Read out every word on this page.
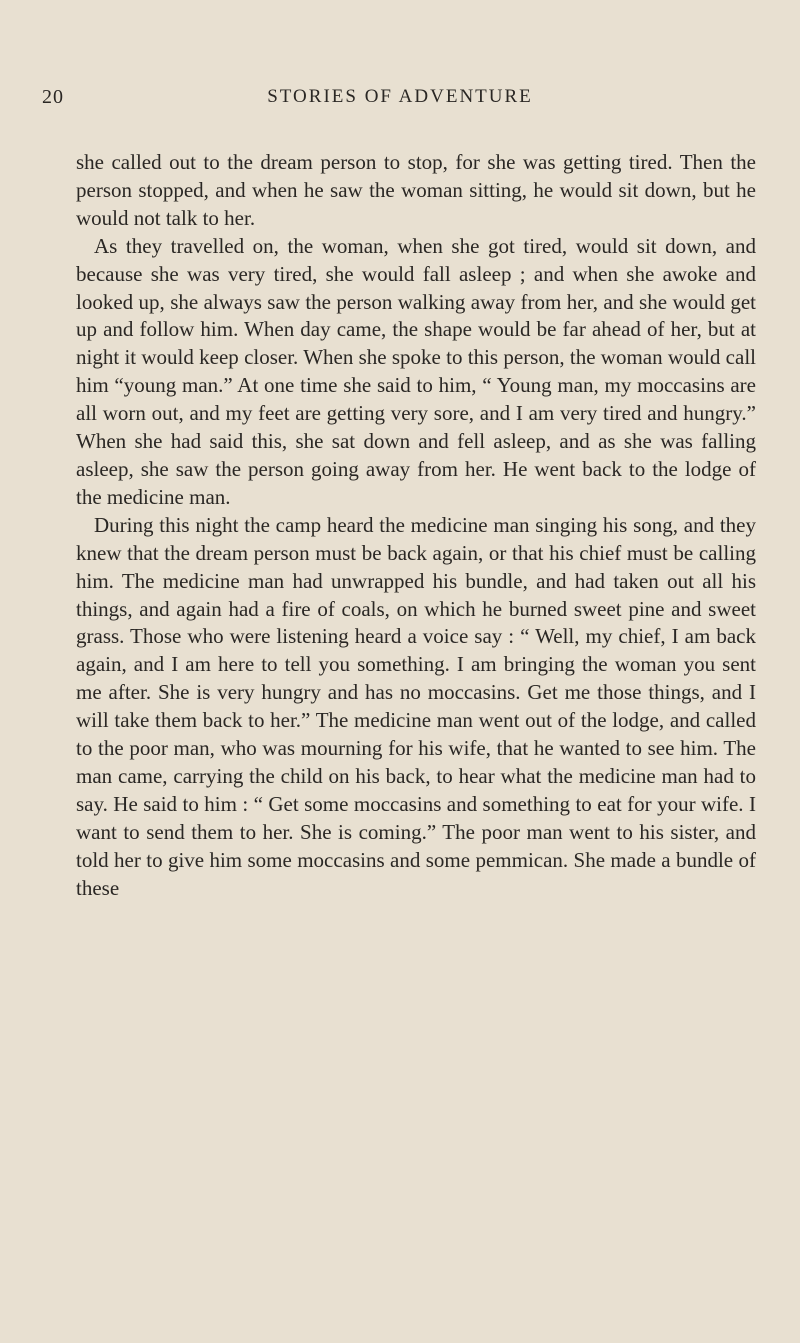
20	STORIES OF ADVENTURE

she called out to the dream person to stop, for she was getting tired. Then the person stopped, and when he saw the woman sitting, he would sit down, but he would not talk to her.

As they travelled on, the woman, when she got tired, would sit down, and because she was very tired, she would fall asleep ; and when she awoke and looked up, she always saw the person walking away from her, and she would get up and follow him. When day came, the shape would be far ahead of her, but at night it would keep closer. When she spoke to this person, the woman would call him “young man.” At one time she said to him, “ Young man, my moccasins are all worn out, and my feet are getting very sore, and I am very tired and hungry.” When she had said this, she sat down and fell asleep, and as she was falling asleep, she saw the person going away from her. He went back to the lodge of the medicine man.

During this night the camp heard the medicine man singing his song, and they knew that the dream person must be back again, or that his chief must be calling him. The medicine man had unwrapped his bundle, and had taken out all his things, and again had a fire of coals, on which he burned sweet pine and sweet grass. Those who were listening heard a voice say : “ Well, my chief, I am back again, and I am here to tell you something. I am bringing the woman you sent me after. She is very hungry and has no moccasins. Get me those things, and I will take them back to her.” The medicine man went out of the lodge, and called to the poor man, who was mourning for his wife, that he wanted to see him. The man came, carrying the child on his back, to hear what the medicine man had to say. He said to him : “ Get some moccasins and something to eat for your wife. I want to send them to her. She is coming.” The poor man went to his sister, and told her to give him some moccasins and some pemmican. She made a bundle of these
